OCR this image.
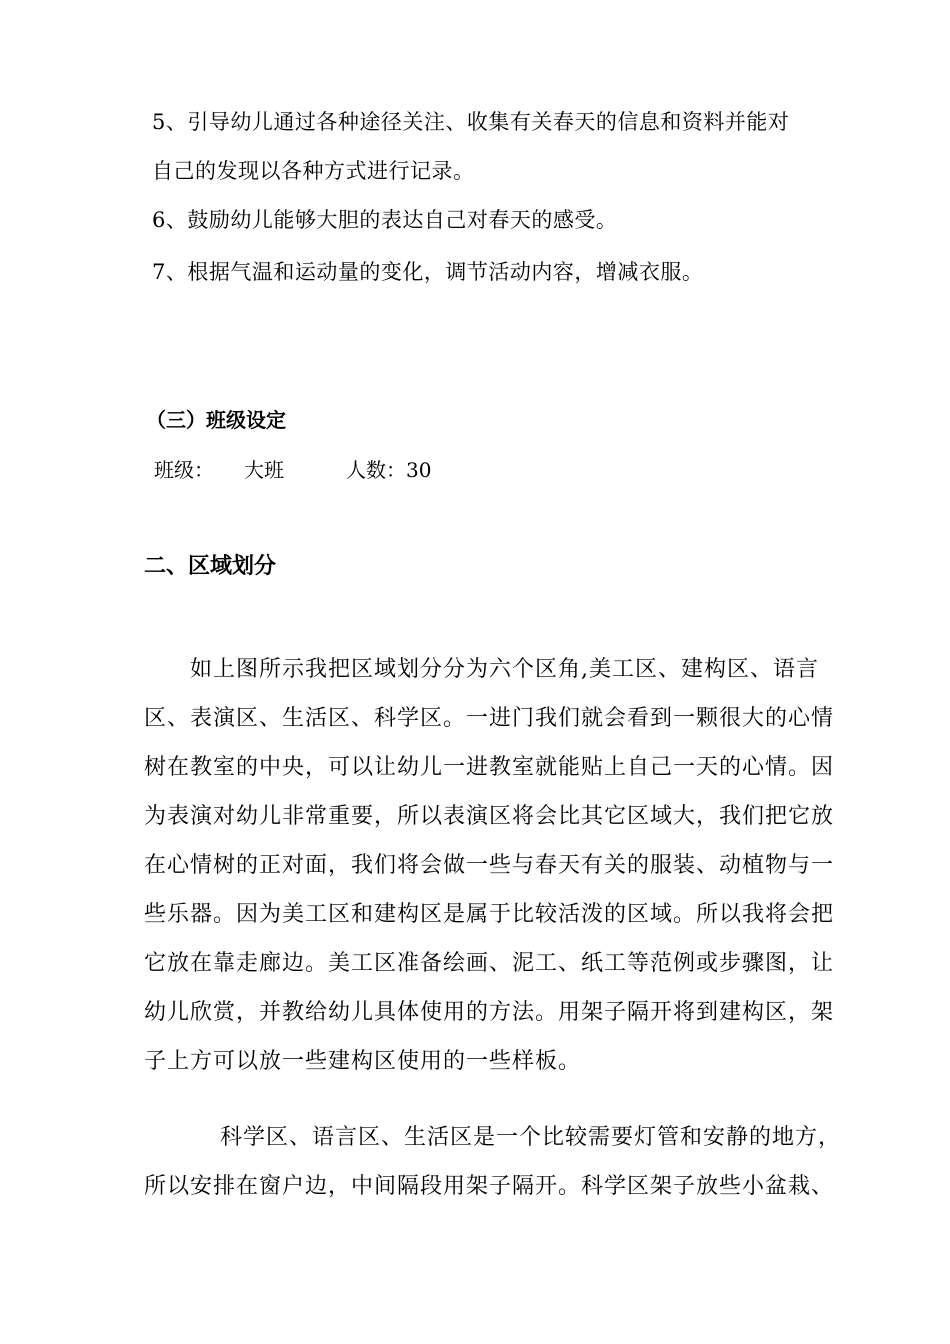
5、引导幼儿通过各种途径关注、收集有关春天的信息和资料并能对
自己的发现以各种方式进行记录。
6、鼓励幼儿能够大胆的表达自己对春天的感受。
7、根据气温和运动量的变化，调节活动内容，增减衣服。
（三）班级设定
班级： 大班	人数：30
二、区域划分
如上图所示我把区域划分分为六个区角,美工区、建构区、语言
区、表演区、生活区、科学区。一进门我们就会看到一颗很大的心情
树在教室的中央，可以让幼儿一进教室就能贴上自己一天的心情。因
为表演对幼儿非常重要，所以表演区将会比其它区域大，我们把它放
在心情树的正对面，我们将会做一些与春天有关的服装、动植物与一
些乐器。因为美工区和建构区是属于比较活泼的区域。所以我将会把
它放在靠走廊边。美工区准备绘画、泥工、纸工等范例或步骤图，让
幼儿欣赏，并教给幼儿具体使用的方法。用架子隔开将到建构区，架
子上方可以放一些建构区使用的一些样板。
科学区、语言区、生活区是一个比较需要灯管和安静的地方，
所以安排在窗户边，中间隔段用架子隔开。科学区架子放些小盆栽、
